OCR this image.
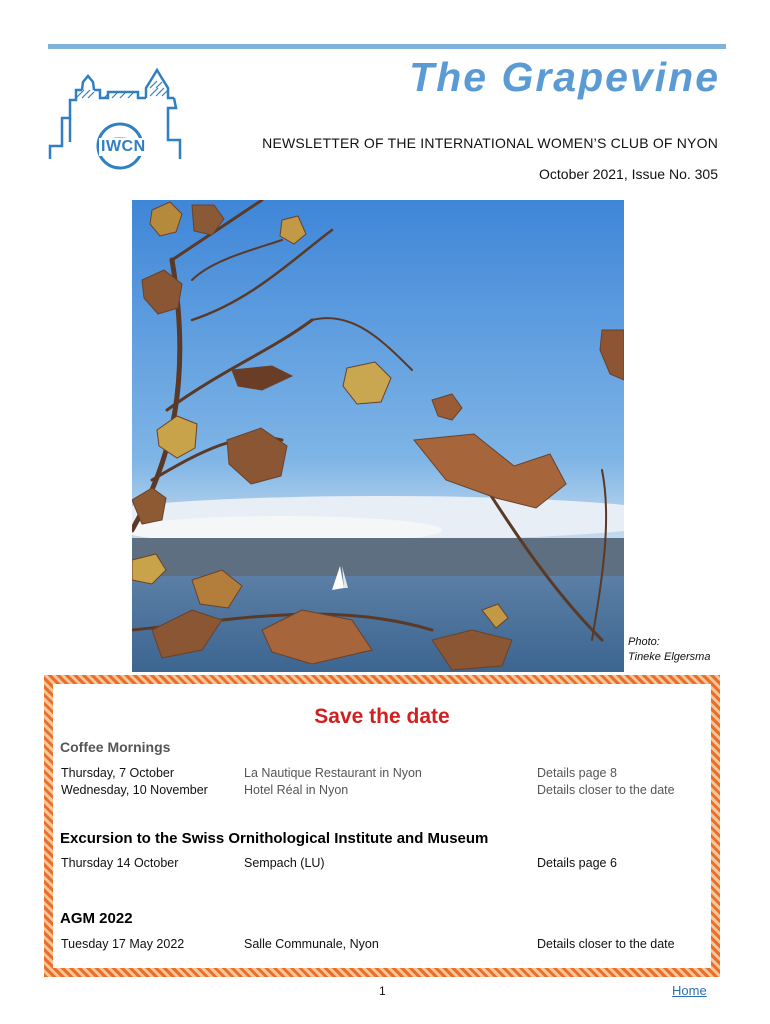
IWCN
The Grapevine
NEWSLETTER OF THE INTERNATIONAL WOMEN’S CLUB OF NYON
October 2021, Issue No. 305
Photo:
Tineke Elgersma
Save the date
Coffee Mornings
Thursday, 7 October	La Nautique Restaurant in Nyon	Details page 8
Wednesday, 10 November	Hotel Réal in Nyon	Details closer to the date
Excursion to the Swiss Ornithological Institute and Museum
Thursday 14 October	Sempach (LU)	Details page 6
AGM 2022
Tuesday 17 May 2022	Salle Communale, Nyon	Details closer to the date
1	Home
